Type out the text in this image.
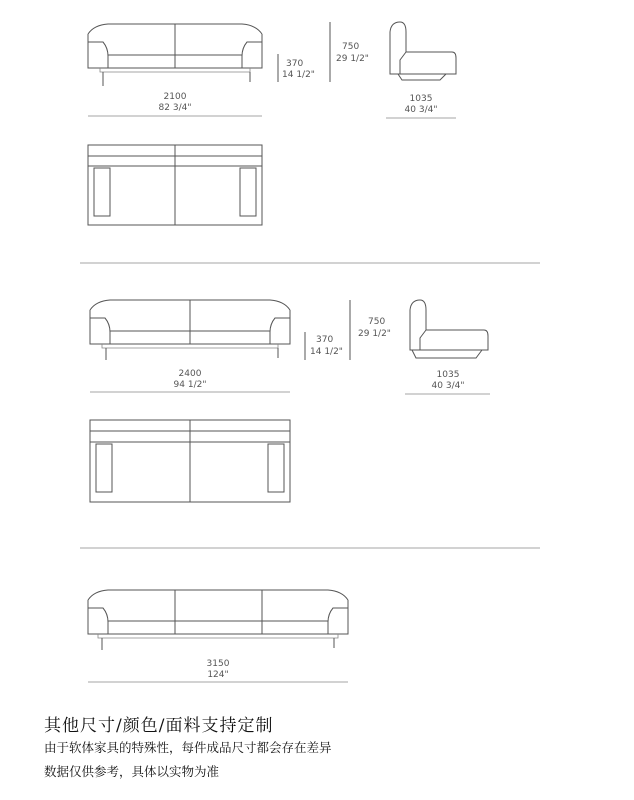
2100
82 3/4"
370
14 1/2"
750
29 1/2"
1035
40 3/4"
2400
94 1/2"
370
14 1/2"
750
29 1/2"
1035
40 3/4"
3150
124"
其他尺寸/颜色/面料支持定制
由于软体家具的特殊性，每件成品尺寸都会存在差异
数据仅供参考，具体以实物为准
